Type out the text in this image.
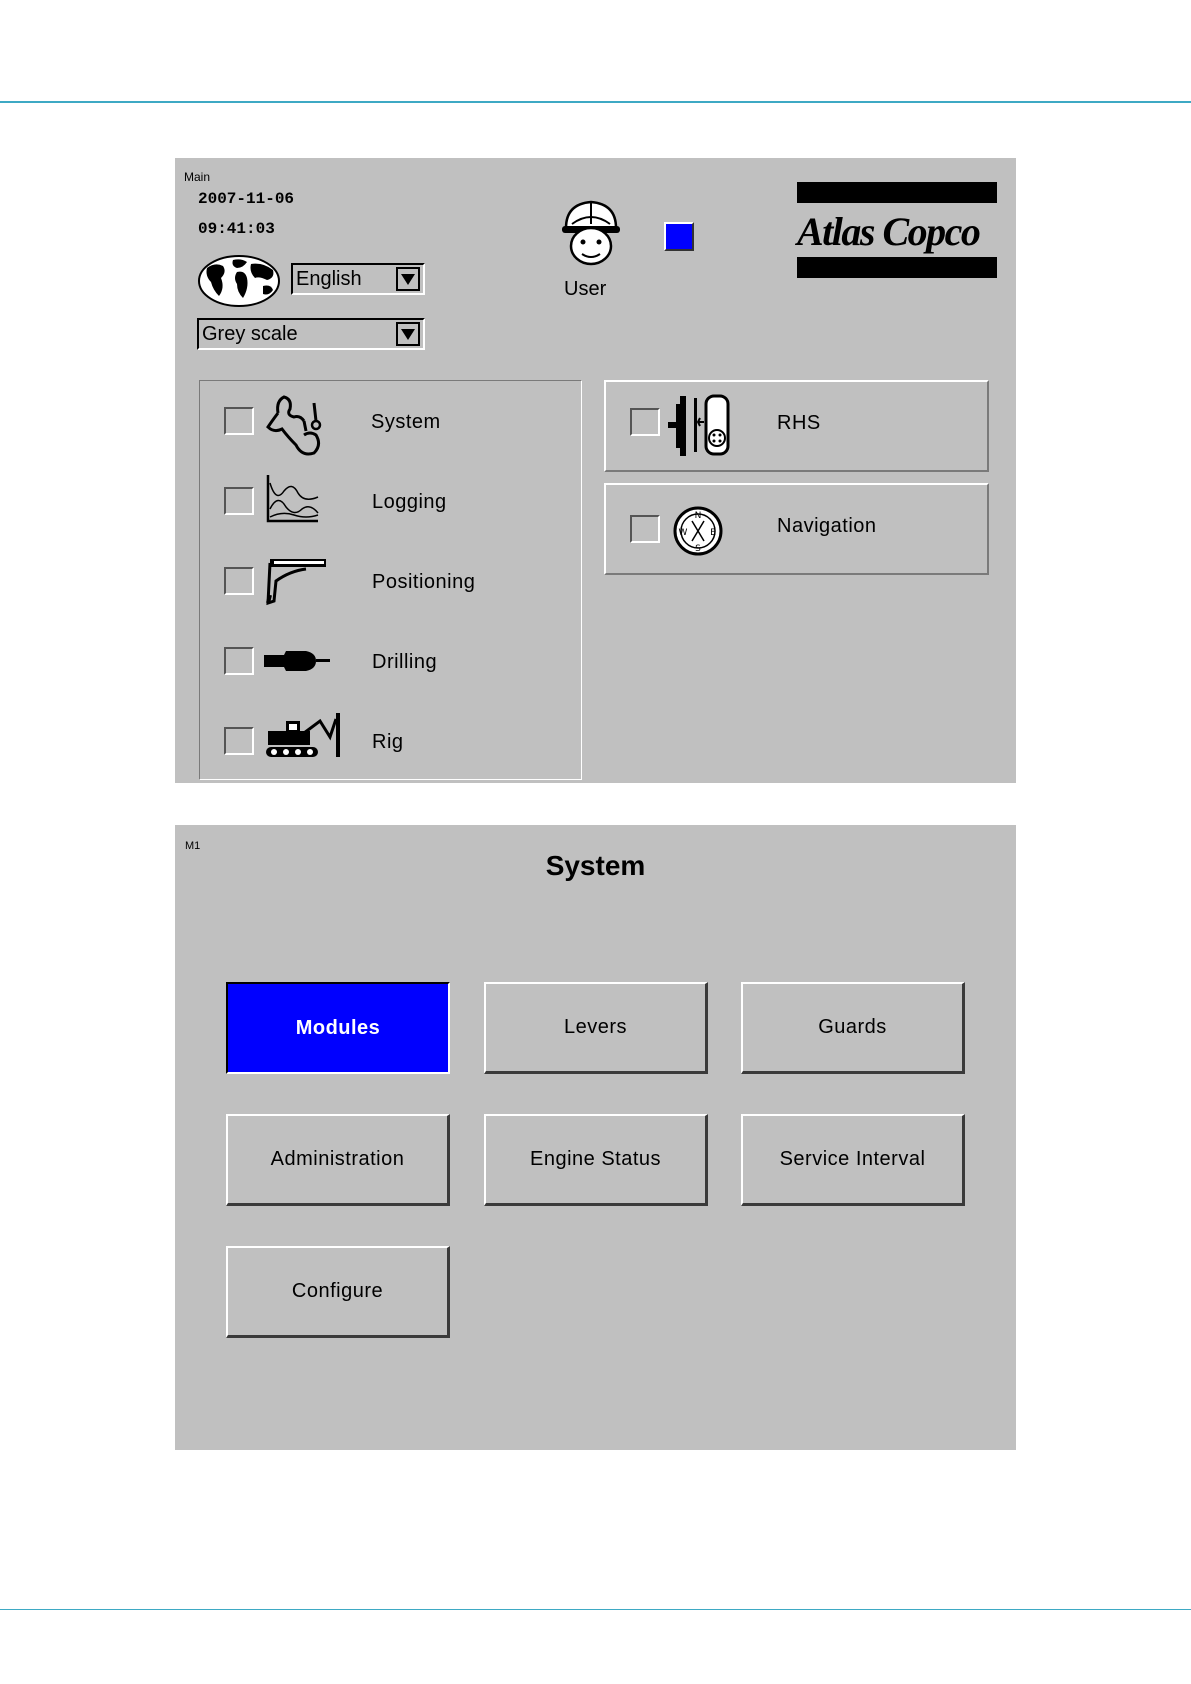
Main
2007-11-06
09:41:03
English
Grey scale
User
Atlas Copco
System
Logging
Positioning
Drilling
Rig
RHS
N
S
W	E	Navigation
M1
System
Modules	Levers	Guards
Administration	Engine Status	Service Interval
Configure
